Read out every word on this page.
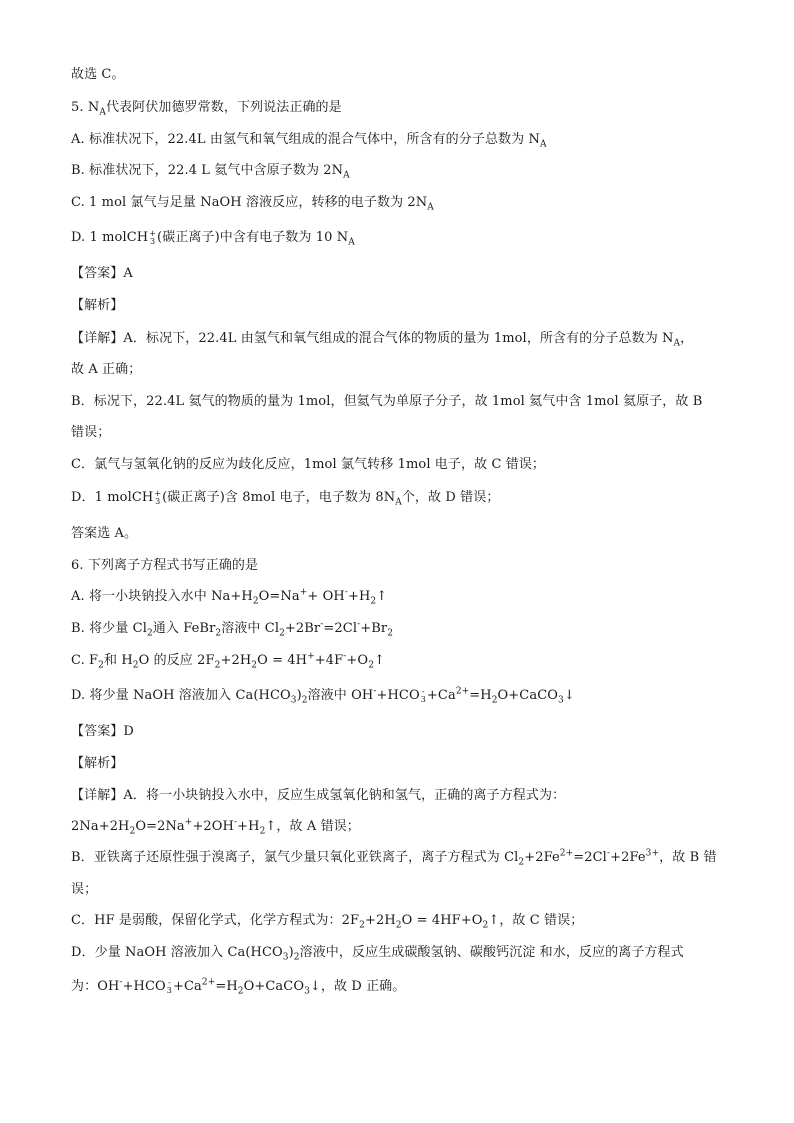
故选 C。
5. $N_A$代表阿伏加德罗常数，下列说法正确的是
A. 标准状况下，22.4L 由氢气和氧气组成的混合气体中，所含有的分子总数为 $N_A$
B. 标准状况下，22.4 L 氦气中含原子数为 $2N_A$
C. 1 mol 氯气与足量 NaOH 溶液反应，转移的电子数为 $2N_A$
D. 1 molCH +
3 (碳正离子)中含有电子数为 10 $N_A$
【答案】A
【解析】
【详解】A．标况下，22.4L 由氢气和氧气组成的混合气体的物质的量为 1mol，所含有的分子总数为 $N_A$，
故 A 正确；
B．标况下，22.4L 氦气的物质的量为 1mol，但氦气为单原子分子，故 1mol 氦气中含 1mol 氦原子，故 B
错误；
C．氯气与氢氧化钠的反应为歧化反应，1mol 氯气转移 1mol 电子，故 C 错误；
D．1 molCH +
3 (碳正离子)含 8mol 电子，电子数为 $8N_A$个，故 D 错误；
答案选 A。
6. 下列离子方程式书写正确的是
A. 将一小块钠投入水中 $Na+H_2O=Na^++$ $OH^-+H_2↑$
B. 将少量 $Cl_2$通入 FeBr$_2$溶液中 $Cl_2+2Br^-=2Cl^-+Br_2$
C. $F_2$和 $H_2O$ 的反应 $2F_2+2H_2O$ = $4H^++4F^-+O_2↑$
D. 将少量 NaOH 溶液加入 $Ca(HCO_3)_2$溶液中 OH-+HCO -
$3 +Ca^{2+}=H_2O+CaCO_3↓$
【答案】D
【解析】
【详解】A．将一小块钠投入水中，反应生成氢氧化钠和氢气，正确的离子方程式为：
$2Na+2H_2O=2Na^++2OH^-+H_2↑$，故 A 错误；
B．亚铁离子还原性强于溴离子，氯气少量只氧化亚铁离子，离子方程式为 $Cl_2+2Fe^{2+}=2Cl^-+2Fe^{3+}$，故 B 错
误；
C．HF 是弱酸，保留化学式，化学方程式为：$2F_2+2H_2O$ = $4HF+O_2↑$，故 C 错误；
D．少量 NaOH 溶液加入 $Ca(HCO_3)_2$溶液中，反应生成碳酸氢钠、碳酸钙沉淀 和水，反应的离子方程式
为：OH-+HCO -
$3 +Ca^{2+}=H_2O+CaCO_3↓$，故 D 正确。
